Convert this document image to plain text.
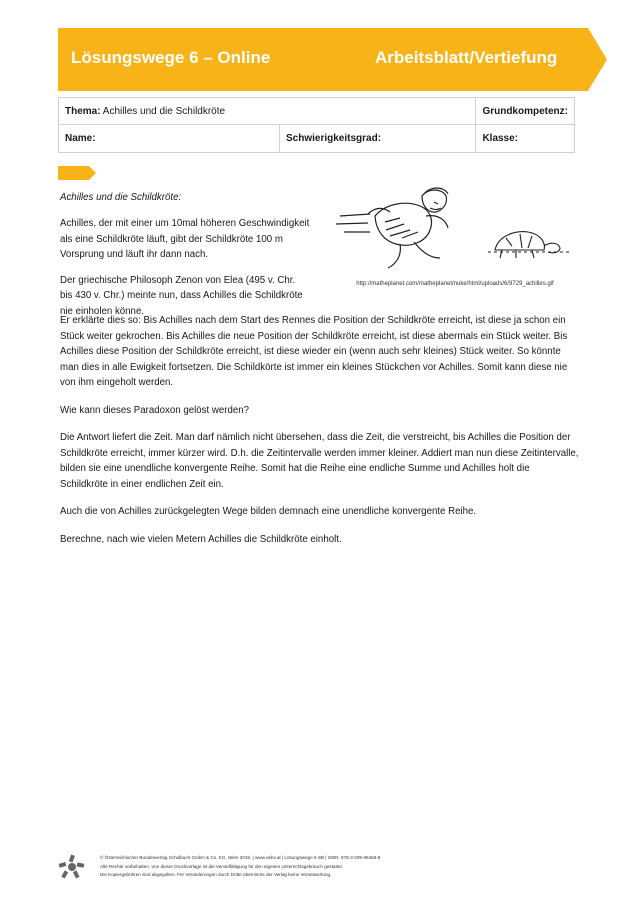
Lösungswege 6 – Online	Arbeitsblatt/Vertiefung
Thema: Achilles und die Schildkröte		Grundkompetenz:
Name:	Schwierigkeitsgrad:	Klasse:

Achilles und die Schildkröte:

Achilles, der mit einer um 10mal höheren Geschwindigkeit als eine Schildkröte läuft, gibt der Schildkröte 100 m Vorsprung und läuft ihr dann nach.

Der griechische Philosoph Zenon von Elea (495 v. Chr. bis 430 v. Chr.) meinte nun, dass Achilles die Schildkröte nie einholen könne.

http://matheplanet.com/matheplanet/nuke/html/uploads/6/9729_achilles.gif

Er erklärte dies so: Bis Achilles nach dem Start des Rennes die Position der Schildkröte erreicht, ist diese ja schon ein Stück weiter gekrochen. Bis Achilles die neue Position der Schildkröte erreicht, ist diese abermals ein Stück weiter. Bis Achilles diese Position der Schildkröte erreicht, ist diese wieder ein (wenn auch sehr kleines) Stück weiter. So könnte man dies in alle Ewigkeit fortsetzen. Die Schildkörte ist immer ein kleines Stückchen vor Achilles. Somit kann diese nie von ihm eingeholt werden.

Wie kann dieses Paradoxon gelöst werden?

Die Antwort liefert die Zeit. Man darf nämlich nicht übersehen, dass die Zeit, die verstreicht, bis Achilles die Position der Schildkröte erreicht, immer kürzer wird. D.h. die Zeitintervalle werden immer kleiner. Addiert man nun diese Zeitintervalle, bilden sie eine unendliche konvergente Reihe. Somit hat die Reihe eine endliche Summe und Achilles holt die Schildkröte in einer endlichen Zeit ein.

Auch die von Achilles zurückgelegten Wege bilden demnach eine unendliche konvergente Reihe.

Berechne, nach wie vielen Metern Achilles die Schildkröte einholt.

© Österreichischer Bundesverlag Schulbuch GmbH & Co. KG, Wien 2015. | www.oebv.at | Lösungswege 5 SB | ISBN: 978-3-209-08466-8
Alle Rechte vorbehalten. Von dieser Druckvorlage ist die Vervielfältigung für den eigenen Unterrichtsgebrauch gestattet.
Die Kopiergebühren sind abgegolten. Für Veränderungen durch Dritte übernimmt der Verlag keine Verantwortung.
